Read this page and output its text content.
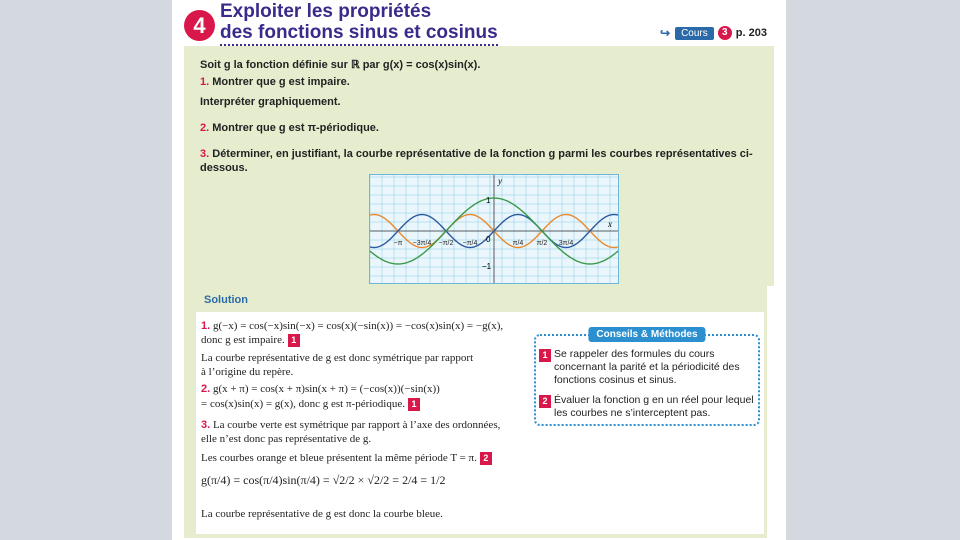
4
Exploiter les propriétés
des fonctions sinus et cosinus	↪	Cours	3 p. 203
Soit g la fonction définie sur ℝ par g(x) = cos(x)sin(x).
1. Montrer que g est impaire.
Interpréter graphiquement.
2. Montrer que g est π-périodique.
3. Déterminer, en justifiant, la courbe représentative de la fonction g parmi les courbes représentatives ci-dessous.
y
x
1
−1
0
−π −3π/4 −π/2 −π/4	π/4 π/2 3π/4
Solution
1. g(−x) = cos(−x)sin(−x) = cos(x)(−sin(x)) = −cos(x)sin(x) = −g(x),
donc g est impaire. 1
La courbe représentative de g est donc symétrique par rapport
à l’origine du repère.
2. g(x + π) = cos(x + π)sin(x + π) = (−cos(x))(−sin(x))
= cos(x)sin(x) = g(x), donc g est π-périodique. 1
3. La courbe verte est symétrique par rapport à l’axe des ordonnées,
elle n’est donc pas représentative de g.
Les courbes orange et bleue présentent la même période T = π. 2
g(π/4) = cos(π/4)sin(π/4) = √2/2 × √2/2 = 2/4 = 1/2
La courbe représentative de g est donc la courbe bleue.
Conseils & Méthodes
1 Se rappeler des formules du cours concernant la parité et la périodicité des fonctions cosinus et sinus.
2 Évaluer la fonction g en un réel pour lequel les courbes ne s’interceptent pas.
